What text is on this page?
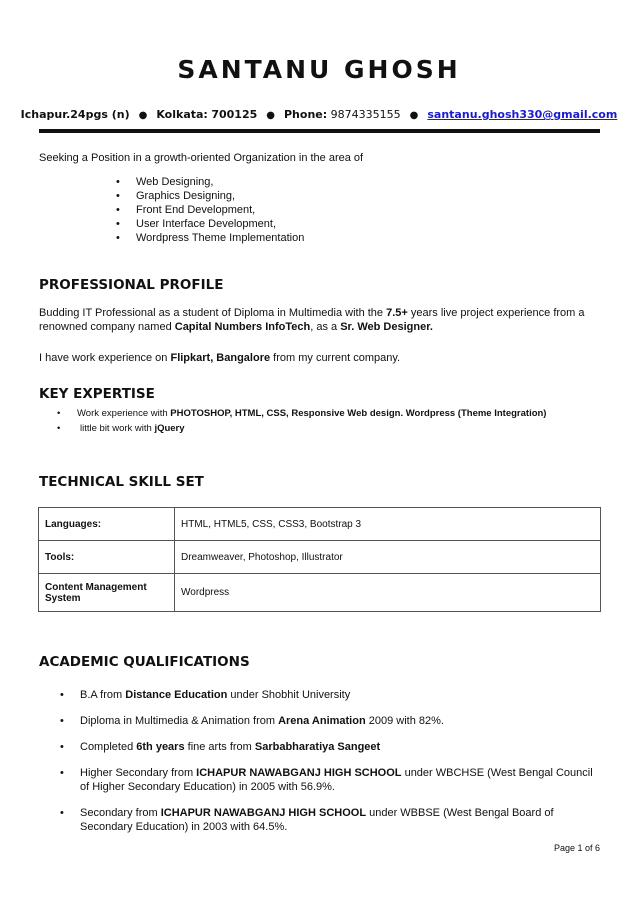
SANTANU GHOSH
Ichapur.24pgs (n) ● Kolkata: 700125 ● Phone: 9874335155 ● santanu.ghosh330@gmail.com
Seeking a Position in a growth-oriented Organization in the area of
• Web Designing,
• Graphics Designing,
• Front End Development,
• User Interface Development,
• Wordpress Theme Implementation
PROFESSIONAL PROFILE
Budding IT Professional as a student of Diploma in Multimedia with the 7.5+ years live project experience from a renowned company named Capital Numbers InfoTech, as a Sr. Web Designer.
I have work experience on Flipkart, Bangalore from my current company.
KEY EXPERTISE
• Work experience with PHOTOSHOP, HTML, CSS, Responsive Web design. Wordpress (Theme Integration)
• little bit work with jQuery
TECHNICAL SKILL SET
Languages:	HTML, HTML5, CSS, CSS3, Bootstrap 3
Tools:	Dreamweaver, Photoshop, Illustrator
Content Management System	Wordpress
ACADEMIC QUALIFICATIONS
• B.A from Distance Education under Shobhit University
• Diploma in Multimedia & Animation from Arena Animation 2009 with 82%.
• Completed 6th years fine arts from Sarbabharatiya Sangeet
• Higher Secondary from ICHAPUR NAWABGANJ HIGH SCHOOL under WBCHSE (West Bengal Council of Higher Secondary Education) in 2005 with 56.9%.
• Secondary from ICHAPUR NAWABGANJ HIGH SCHOOL under WBBSE (West Bengal Board of Secondary Education) in 2003 with 64.5%.
Page 1 of 6
